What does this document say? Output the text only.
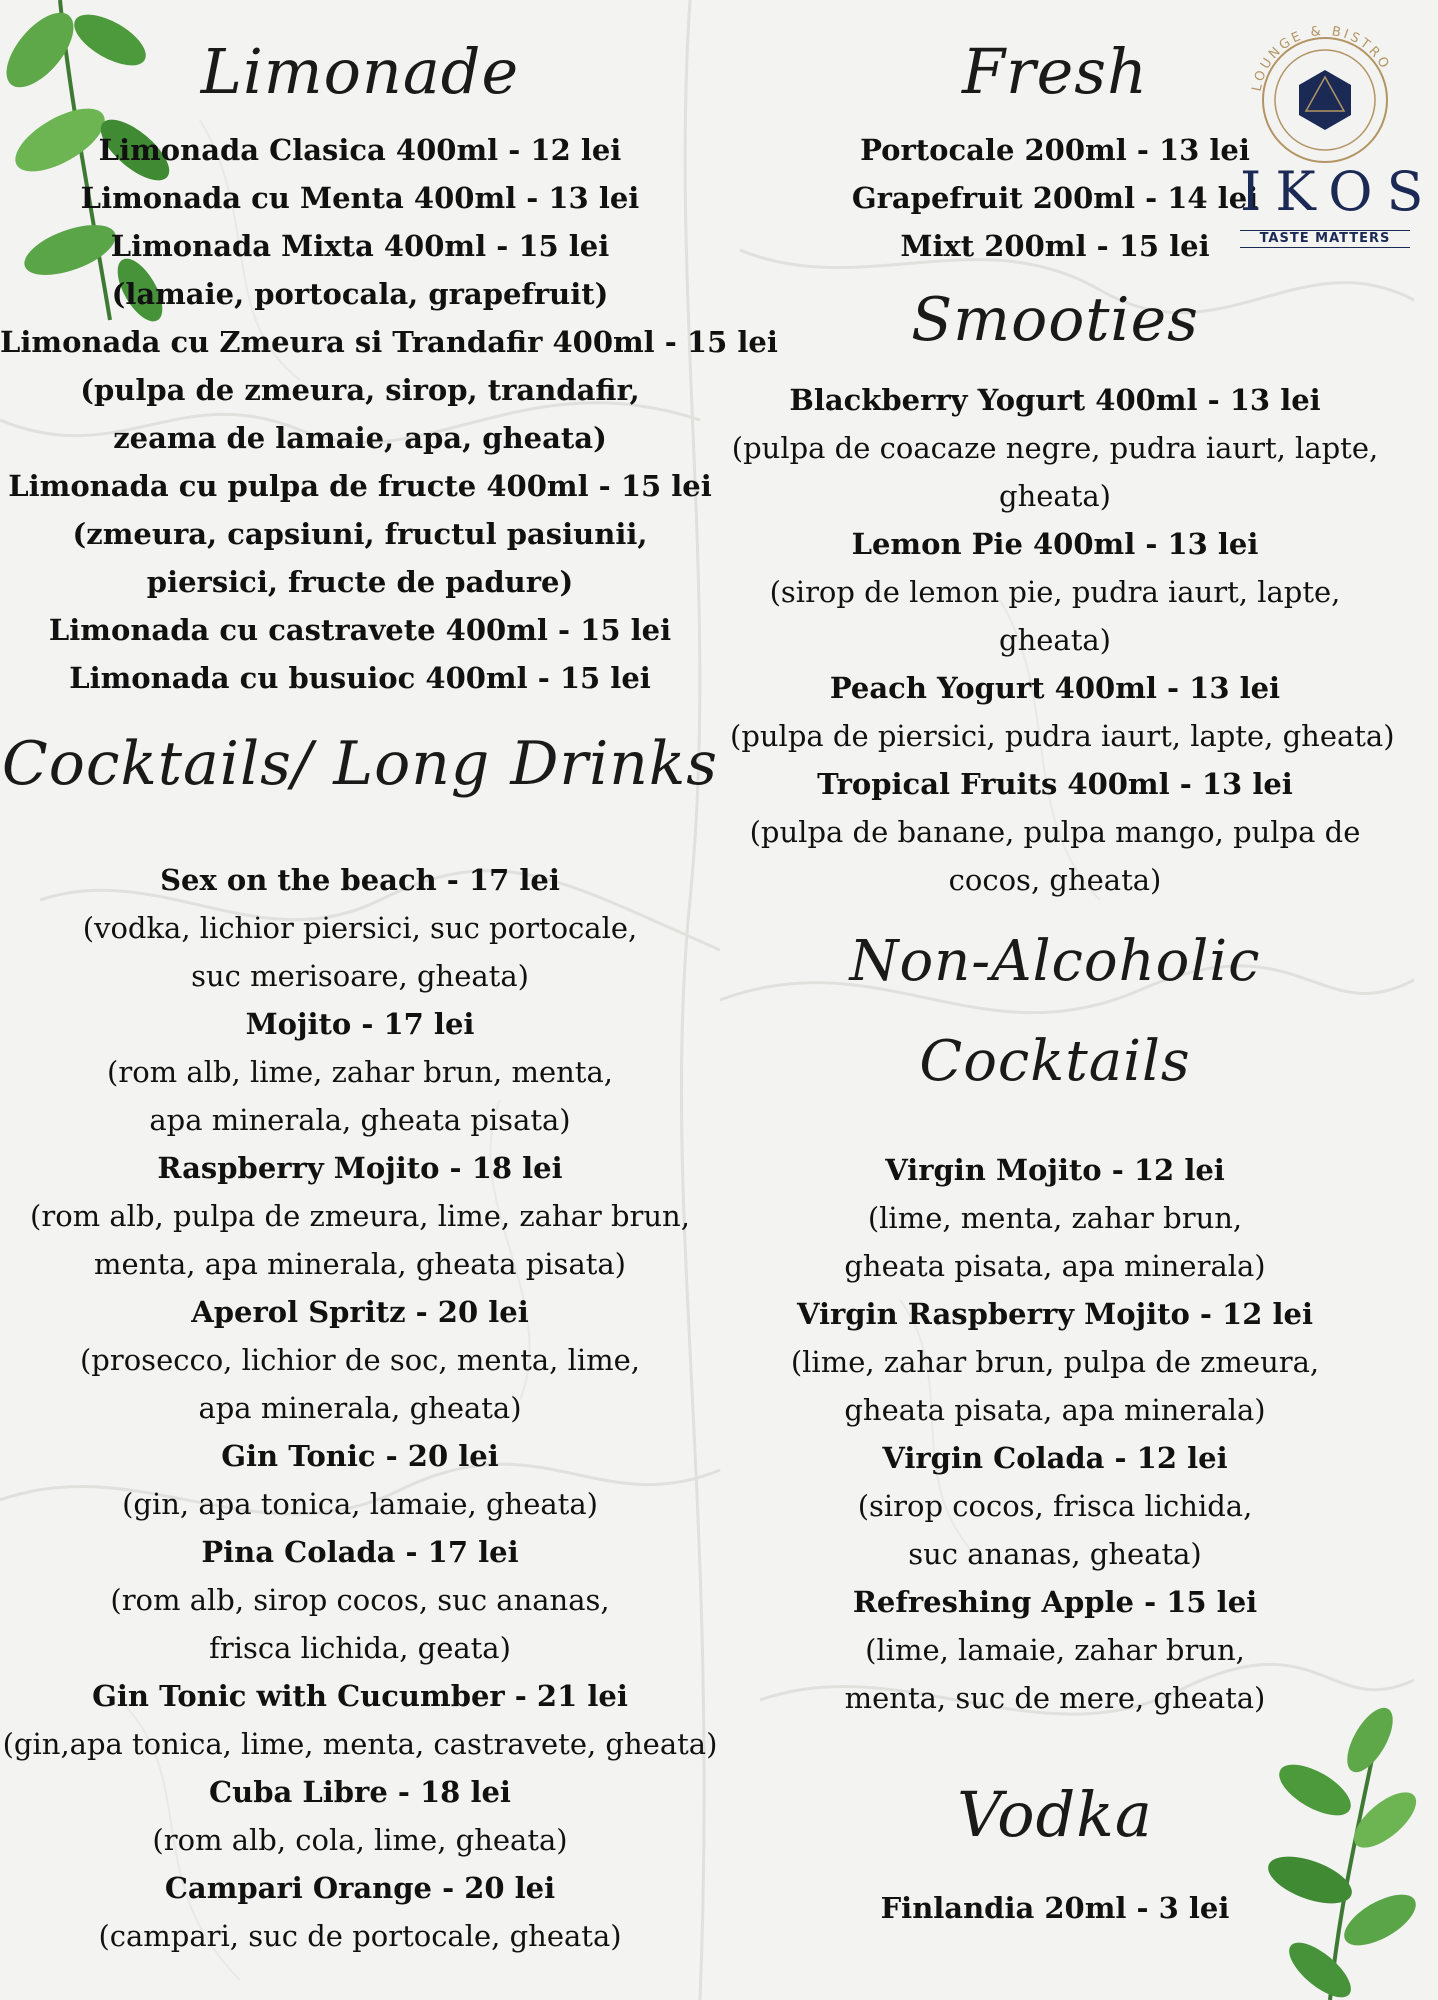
LOUNGE & BISTRO
IKOS
TASTE MATTERS
Limonade

Limonada Clasica 400ml - 12 lei

Limonada cu Menta 400ml - 13 lei

Limonada Mixta 400ml - 15 lei

(lamaie, portocala, grapefruit)

Limonada cu Zmeura si Trandafir 400ml - 15 lei

(pulpa de zmeura, sirop, trandafir,

zeama de lamaie, apa, gheata)

Limonada cu pulpa de fructe 400ml - 15 lei

(zmeura, capsiuni, fructul pasiunii,

piersici, fructe de padure)

Limonada cu castravete 400ml - 15 lei

Limonada cu busuioc 400ml - 15 lei

Cocktails/ Long Drinks

Sex on the beach - 17 lei

(vodka, lichior piersici, suc portocale,

suc merisoare, gheata)

Mojito - 17 lei

(rom alb, lime, zahar brun, menta,

apa minerala, gheata pisata)

Raspberry Mojito - 18 lei

(rom alb, pulpa de zmeura, lime, zahar brun,

menta, apa minerala, gheata pisata)

Aperol Spritz - 20 lei

(prosecco, lichior de soc, menta, lime,

apa minerala, gheata)

Gin Tonic - 20 lei

(gin, apa tonica, lamaie, gheata)

Pina Colada - 17 lei

(rom alb, sirop cocos, suc ananas,

frisca lichida, geata)

Gin Tonic with Cucumber - 21 lei

(gin,apa tonica, lime, menta, castravete, gheata)

Cuba Libre - 18 lei

(rom alb, cola, lime, gheata)

Campari Orange - 20 lei

(campari, suc de portocale, gheata)

Fresh

Portocale 200ml - 13 lei

Grapefruit 200ml - 14 lei

Mixt 200ml - 15 lei

Smooties

Blackberry Yogurt 400ml - 13 lei

(pulpa de coacaze negre, pudra iaurt, lapte,

gheata)

Lemon Pie 400ml - 13 lei

(sirop de lemon pie, pudra iaurt, lapte,

gheata)

Peach Yogurt 400ml - 13 lei

(pulpa de piersici, pudra iaurt, lapte, gheata)

Tropical Fruits 400ml - 13 lei

(pulpa de banane, pulpa mango, pulpa de

cocos, gheata)

Non-Alcoholic Cocktails

Virgin Mojito - 12 lei

(lime, menta, zahar brun,

gheata pisata, apa minerala)

Virgin Raspberry Mojito - 12 lei

(lime, zahar brun, pulpa de zmeura,

gheata pisata, apa minerala)

Virgin Colada - 12 lei

(sirop cocos, frisca lichida,

suc ananas, gheata)

Refreshing Apple - 15 lei

(lime, lamaie, zahar brun,

menta, suc de mere, gheata)

Vodka

Finlandia 20ml - 3 lei
